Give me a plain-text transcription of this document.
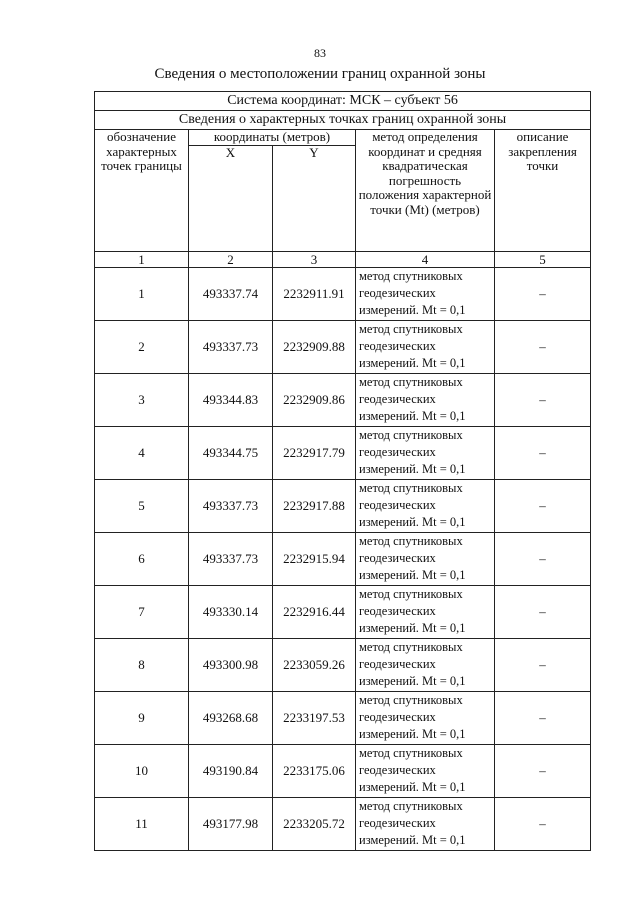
83
Сведения о местоположении границ охранной зоны
Система координат: МСК – субъект 56				
Сведения о характерных точках границ охранной зоны				
обозначение характерных точек границы	координаты (метров)		метод определения координат и средняя квадратическая погрешность положения характерной точки (Mt) (метров)	описание закрепления точки
	X	Y		
1	2	3	4	5
1	493337.74	2232911.91	метод спутниковых геодезических измерений. Mt = 0,1	–
2	493337.73	2232909.88	метод спутниковых геодезических измерений. Mt = 0,1	–
3	493344.83	2232909.86	метод спутниковых геодезических измерений. Mt = 0,1	–
4	493344.75	2232917.79	метод спутниковых геодезических измерений. Mt = 0,1	–
5	493337.73	2232917.88	метод спутниковых геодезических измерений. Mt = 0,1	–
6	493337.73	2232915.94	метод спутниковых геодезических измерений. Mt = 0,1	–
7	493330.14	2232916.44	метод спутниковых геодезических измерений. Mt = 0,1	–
8	493300.98	2233059.26	метод спутниковых геодезических измерений. Mt = 0,1	–
9	493268.68	2233197.53	метод спутниковых геодезических измерений. Mt = 0,1	–
10	493190.84	2233175.06	метод спутниковых геодезических измерений. Mt = 0,1	–
11	493177.98	2233205.72	метод спутниковых геодезических измерений. Mt = 0,1	–
